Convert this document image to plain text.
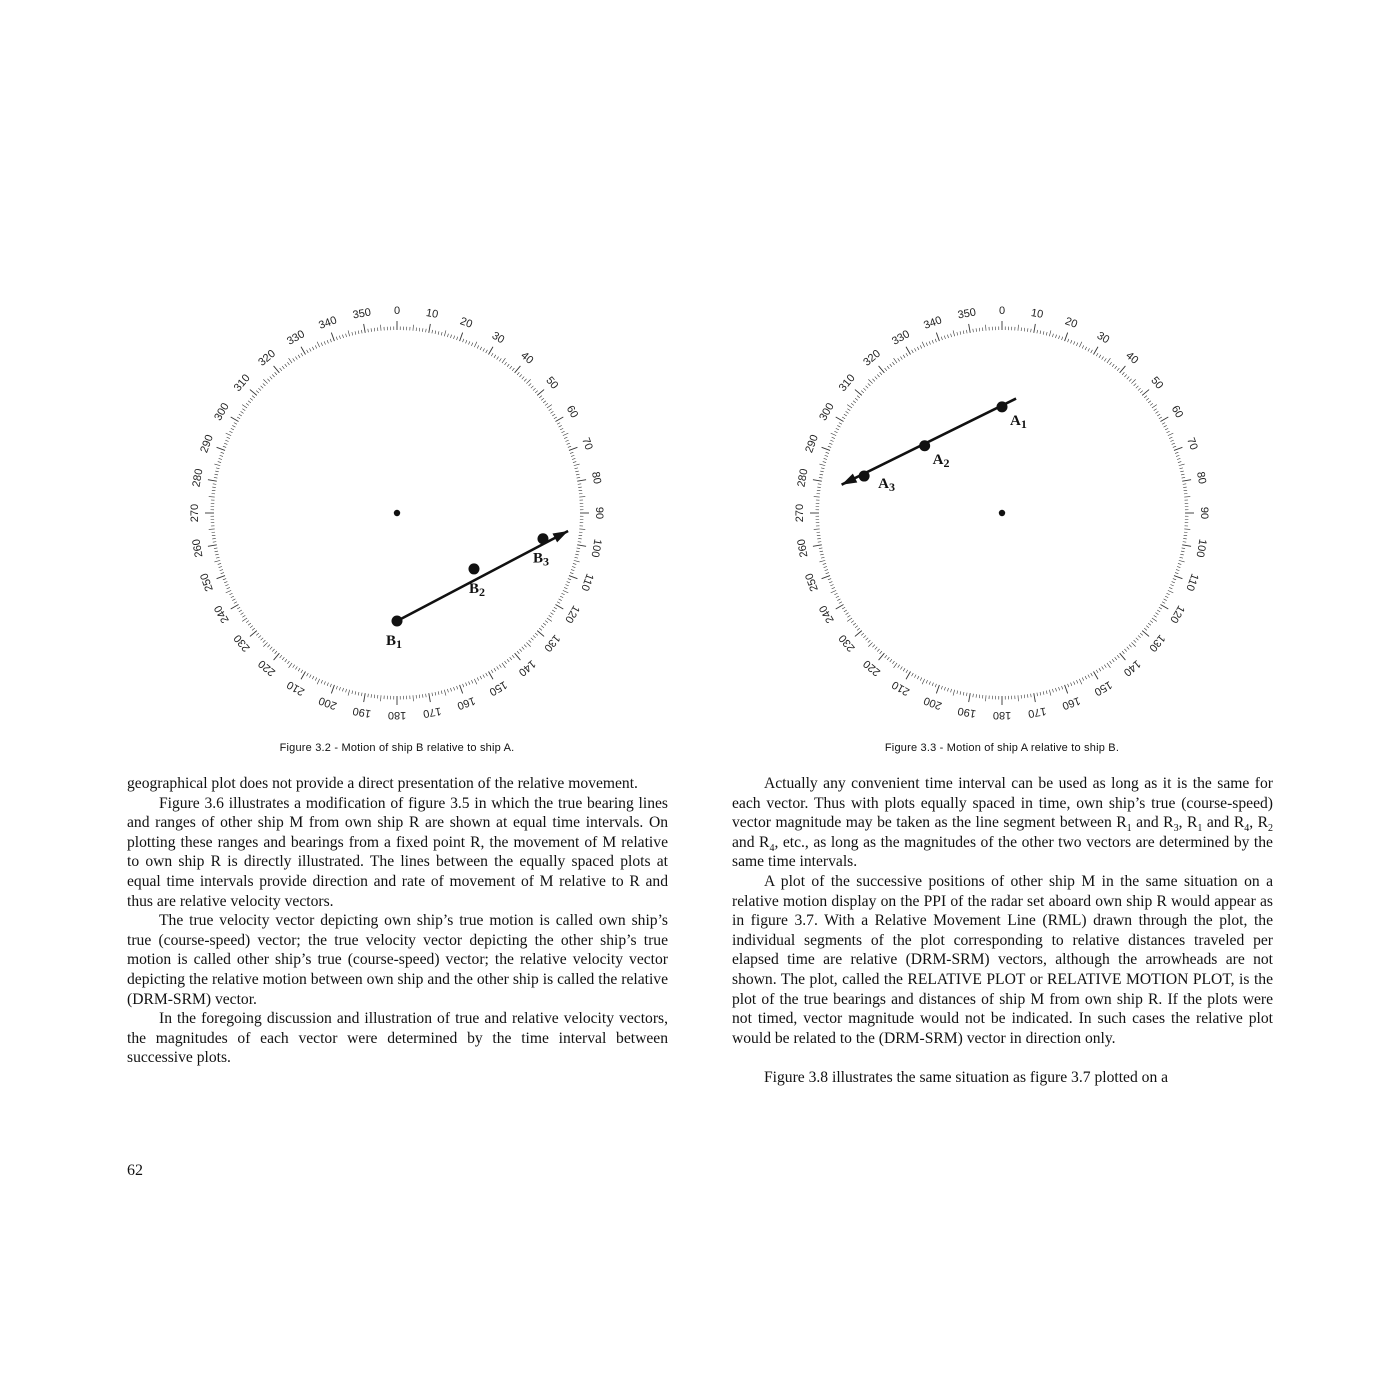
0 10
20
30
40
50
60
70
80
90
100
110
120
130
140
150
160
170
180
190
200
210
220
230
240
250
260
270
280
290
300
310
320
330
340
350
$B_1$
$B_2$
$B_3$
Figure 3.2 - Motion of ship B relative to ship A.
0 10
20
30
40
50
60
70
80
90
100
110
120
130
140
150
160
170
180
190
200
210
220
230
240
250
260
270
280
290
300
310
320
330
340
350
$A_1$
$A_2$
$A_3$
Figure 3.3 - Motion of ship A relative to ship B.

geographical plot does not provide a direct presentation of the relative movement.

Figure 3.6 illustrates a modification of figure 3.5 in which the true bearing lines and ranges of other ship M from own ship R are shown at equal time intervals. On plotting these ranges and bearings from a fixed point R, the movement of M relative to own ship R is directly illustrated. The lines between the equally spaced plots at equal time intervals provide direction and rate of movement of M relative to R and thus are relative velocity vectors.

The true velocity vector depicting own ship’s true motion is called own ship’s true (course-speed) vector; the true velocity vector depicting the other ship’s true motion is called other ship’s true (course-speed) vector; the relative velocity vector depicting the relative motion between own ship and the other ship is called the relative (DRM-SRM) vector.

In the foregoing discussion and illustration of true and relative velocity vectors, the magnitudes of each vector were determined by the time interval between successive plots.

Actually any convenient time interval can be used as long as it is the same for each vector. Thus with plots equally spaced in time, own ship’s true (course-speed) vector magnitude may be taken as the line segment between $R_1$ and $R_3$, $R_1$ and $R_4$, $R_2$ and $R_4$, etc., as long as the magnitudes of the other two vectors are determined by the same time intervals.

A plot of the successive positions of other ship M in the same situation on a relative motion display on the PPI of the radar set aboard own ship R would appear as in figure 3.7. With a Relative Movement Line (RML) drawn through the plot, the individual segments of the plot corresponding to relative distances traveled per elapsed time are relative (DRM-SRM) vectors, although the arrowheads are not shown. The plot, called the RELATIVE PLOT or RELATIVE MOTION PLOT, is the plot of the true bearings and distances of ship M from own ship R. If the plots were not timed, vector magnitude would not be indicated. In such cases the relative plot would be related to the (DRM-SRM) vector in direction only.

Figure 3.8 illustrates the same situation as figure 3.7 plotted on a

62
